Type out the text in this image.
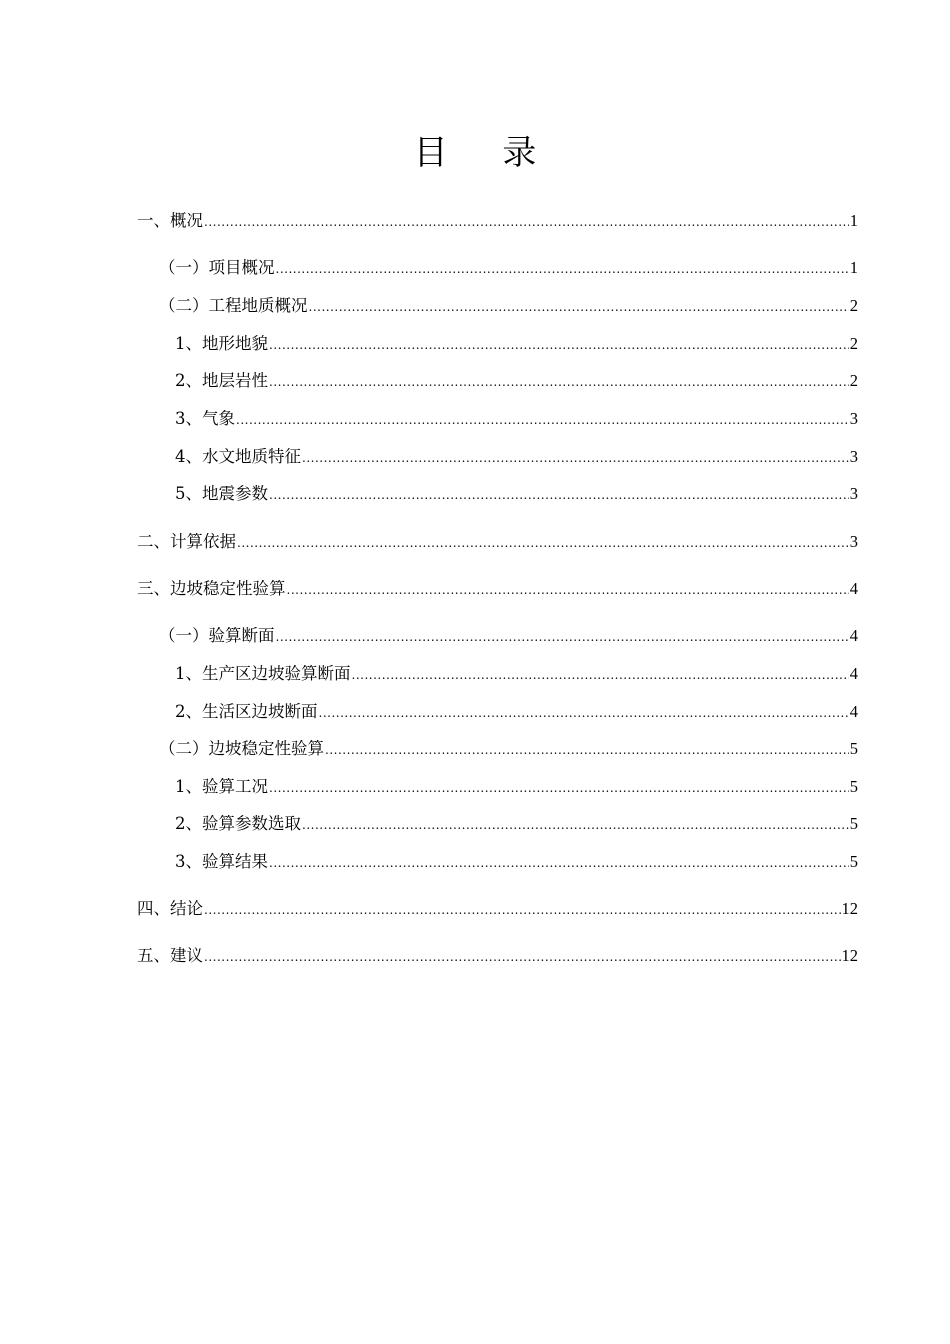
目 录
一、概况 .....	1
（一）项目概况 .....	1
（二）工程地质概况 .....	2
1、地形地貌 .....	2
2、地层岩性 .....	2
3、气象 .....	3
4、水文地质特征 .....	3
5、地震参数 .....	3
二、计算依据 .....	3
三、边坡稳定性验算 .....	4
（一）验算断面 .....	4
1、生产区边坡验算断面 .....	4
2、生活区边坡断面 .....	4
（二）边坡稳定性验算 .....	5
1、验算工况 .....	5
2、验算参数选取 .....	5
3、验算结果 .....	5
四、结论 .....	12
五、建议 .....	12
